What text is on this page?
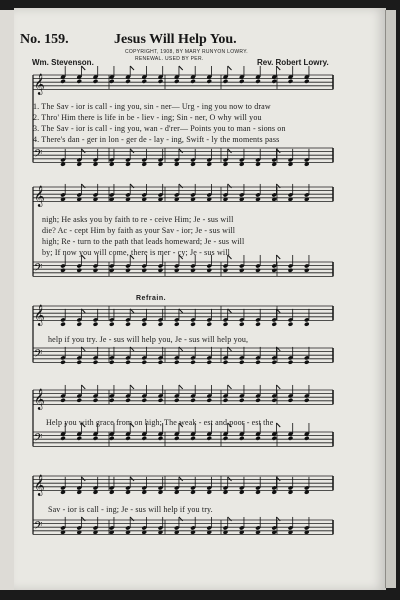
𝄞
𝄢
𝄞
𝄢
𝄞
𝄢
𝄞
𝄢
𝄞
𝄢
No. 159.	Jesus Will Help You.
COPYRIGHT, 1908, BY MARY RUNYON LOWRY.
RENEWAL. USED BY PER.
Wm. Stevenson.	Rev. Robert Lowry.
1. The Sav - ior is call - ing you, sin - ner— Urg - ing you now to draw
2. Thro' Him there is life in be - liev - ing; Sin - ner, O why will you
3. The Sav - ior is call - ing you, wan - d'rer— Points you to man - sions on
4. There's dan - ger in lon - ger de - lay - ing, Swift - ly the moments pass
nigh; He asks you by faith to re - ceive Him; Je - sus will
die? Ac - cept Him by faith as your Sav - ior; Je - sus will
high; Re - turn to the path that leads homeward; Je - sus will
by; If now you will come, there is mer - cy; Je - sus will
Refrain.
help if you try. Je - sus will help you, Je - sus will help you,
Help you with grace from on high; The weak - est and poor - est the
Sav - ior is call - ing; Je - sus will help if you try.
